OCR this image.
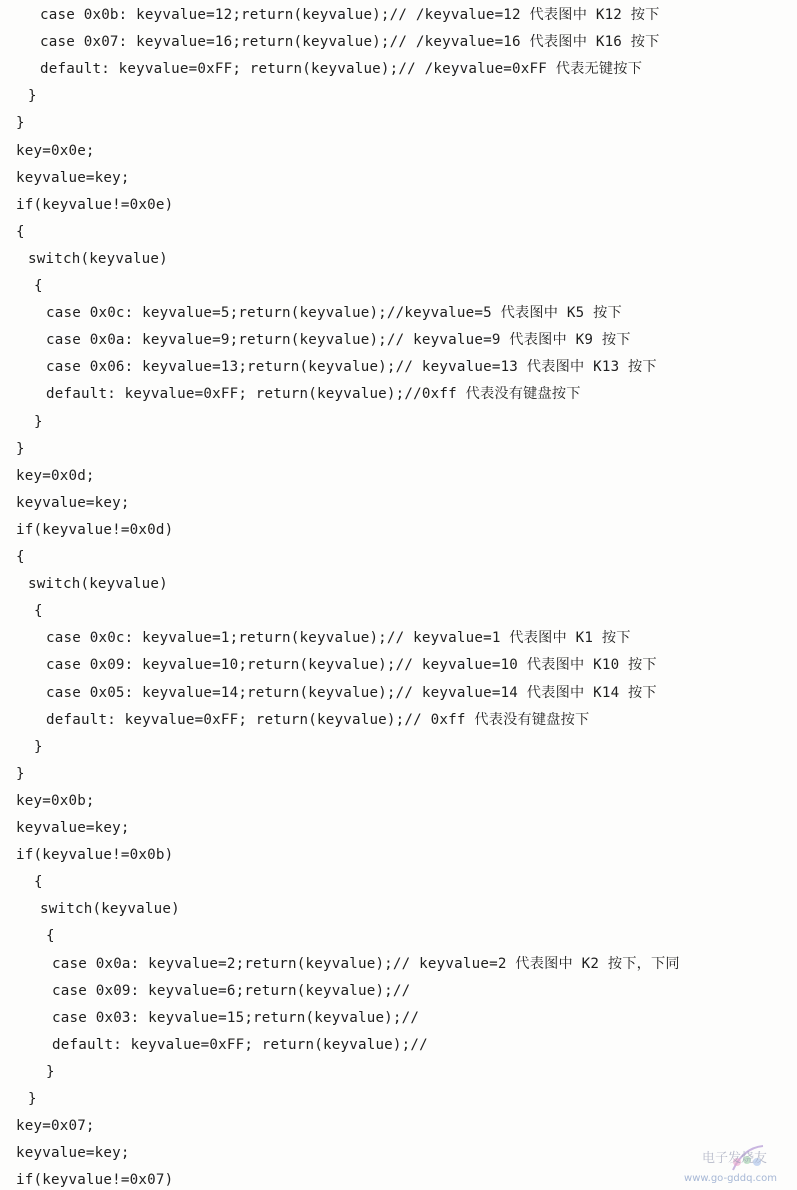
case 0x0b: keyvalue=12;return(keyvalue);// /keyvalue=12 代表图中 K12 按下
case 0x07: keyvalue=16;return(keyvalue);// /keyvalue=16 代表图中 K16 按下
default: keyvalue=0xFF; return(keyvalue);// /keyvalue=0xFF 代表无键按下
}
}
key=0x0e;
keyvalue=key;
if(keyvalue!=0x0e)
{
switch(keyvalue)
{
case 0x0c: keyvalue=5;return(keyvalue);//keyvalue=5 代表图中 K5 按下
case 0x0a: keyvalue=9;return(keyvalue);// keyvalue=9 代表图中 K9 按下
case 0x06: keyvalue=13;return(keyvalue);// keyvalue=13 代表图中 K13 按下
default: keyvalue=0xFF; return(keyvalue);//0xff 代表没有键盘按下
}
}
key=0x0d;
keyvalue=key;
if(keyvalue!=0x0d)
{
switch(keyvalue)
{
case 0x0c: keyvalue=1;return(keyvalue);// keyvalue=1 代表图中 K1 按下
case 0x09: keyvalue=10;return(keyvalue);// keyvalue=10 代表图中 K10 按下
case 0x05: keyvalue=14;return(keyvalue);// keyvalue=14 代表图中 K14 按下
default: keyvalue=0xFF; return(keyvalue);// 0xff 代表没有键盘按下
}
}
key=0x0b;
keyvalue=key;
if(keyvalue!=0x0b)
{
switch(keyvalue)
{
case 0x0a: keyvalue=2;return(keyvalue);// keyvalue=2 代表图中 K2 按下，下同
case 0x09: keyvalue=6;return(keyvalue);//
case 0x03: keyvalue=15;return(keyvalue);//
default: keyvalue=0xFF; return(keyvalue);//
}
}
key=0x07;
keyvalue=key;
if(keyvalue!=0x07)
电子发烧友
www.go-gddq.com
